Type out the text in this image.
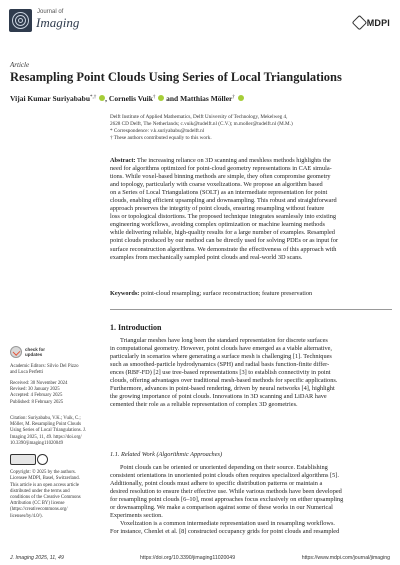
Journal of
Imaging	MDPI
Article
Resampling Point Clouds Using Series of Local Triangulations
Vijai Kumar Suriyababu*,† , Cornelis Vuik† and Matthias Möller†
Delft Institute of Applied Mathematics, Delft University of Technology, Mekelweg 4,
2628 CD Delft, The Netherlands; c.vuik@tudelft.nl (C.V.); m.moller@tudelft.nl (M.M.)
* Correspondence: v.k.suriyababu@tudelft.nl
† These authors contributed equally to this work.
Abstract: The increasing reliance on 3D scanning and meshless methods highlights the
need for algorithms optimized for point-cloud geometry representations in CAE simula-
tions. While voxel-based binning methods are simple, they often compromise geometry
and topology, particularly with coarse voxelizations. We propose an algorithm based
on a Series of Local Triangulations (SOLT) as an intermediate representation for point
clouds, enabling efficient upsampling and downsampling. This robust and straightforward
approach preserves the integrity of point clouds, ensuring resampling without feature
loss or topological distortions. The proposed technique integrates seamlessly into existing
engineering workflows, avoiding complex optimization or machine learning methods
while delivering reliable, high-quality results for a large number of examples. Resampled
point clouds produced by our method can be directly used for solving PDEs or as input for
surface reconstruction algorithms. We demonstrate the effectiveness of this approach with
examples from mechanically sampled point clouds and real-world 3D scans.
Keywords: point-cloud resampling; surface reconstruction; feature preservation
check for
updates
Academic Editors: Silvio Del Pizzo
and Luca Perfetti
Received: 30 November 2024
Revised: 30 January 2025
Accepted: 4 February 2025
Published: 8 February 2025
Citation: Suriyababu, V.K.; Vuik, C.;
Möller, M. Resampling Point Clouds
Using Series of Local Triangulations. J.
Imaging 2025, 11, 49. https://doi.org/
10.3390/jimaging11020049
Copyright: © 2025 by the authors.
Licensee MDPI, Basel, Switzerland.
This article is an open access article
distributed under the terms and
conditions of the Creative Commons
Attribution (CC BY) license
(https://creativecommons.org/
licenses/by/4.0/).
1. Introduction
Triangular meshes have long been the standard representation for discrete surfaces
in computational geometry. However, point clouds have emerged as a viable alternative,
particularly in scenarios where generating a surface mesh is challenging [1]. Techniques
such as smoothed-particle hydrodynamics (SPH) and radial basis function-finite differ-
ences (RBF-FD) [2] use tree-based representations [3] to establish connectivity in point
clouds, offering advantages over traditional mesh-based methods for specific applications.
Furthermore, advances in point-based rendering, driven by neural networks [4], highlight
the growing importance of point clouds. Innovations in 3D scanning and LiDAR have
cemented their role as a reliable representation of complex 3D geometries.
1.1. Related Work (Algorithmic Approaches)
Point clouds can be oriented or unoriented depending on their source. Establishing
consistent orientations in unoriented point clouds often requires specialized algorithms [5].
Additionally, point clouds must adhere to specific distribution patterns or maintain a
desired resolution to ensure their effective use. While various methods have been developed
for resampling point clouds [6–10], most approaches focus exclusively on either upsampling
or downsampling. We make a comparison against some of these works in our Numerical
Experiments section.
Voxelization is a common intermediate representation used in resampling workflows.
For instance, Chenlei et al. [8] constructed occupancy grids for point clouds and resampled
J. Imaging 2025, 11, 49	https://doi.org/10.3390/jimaging11020049	https://www.mdpi.com/journal/jimaging
